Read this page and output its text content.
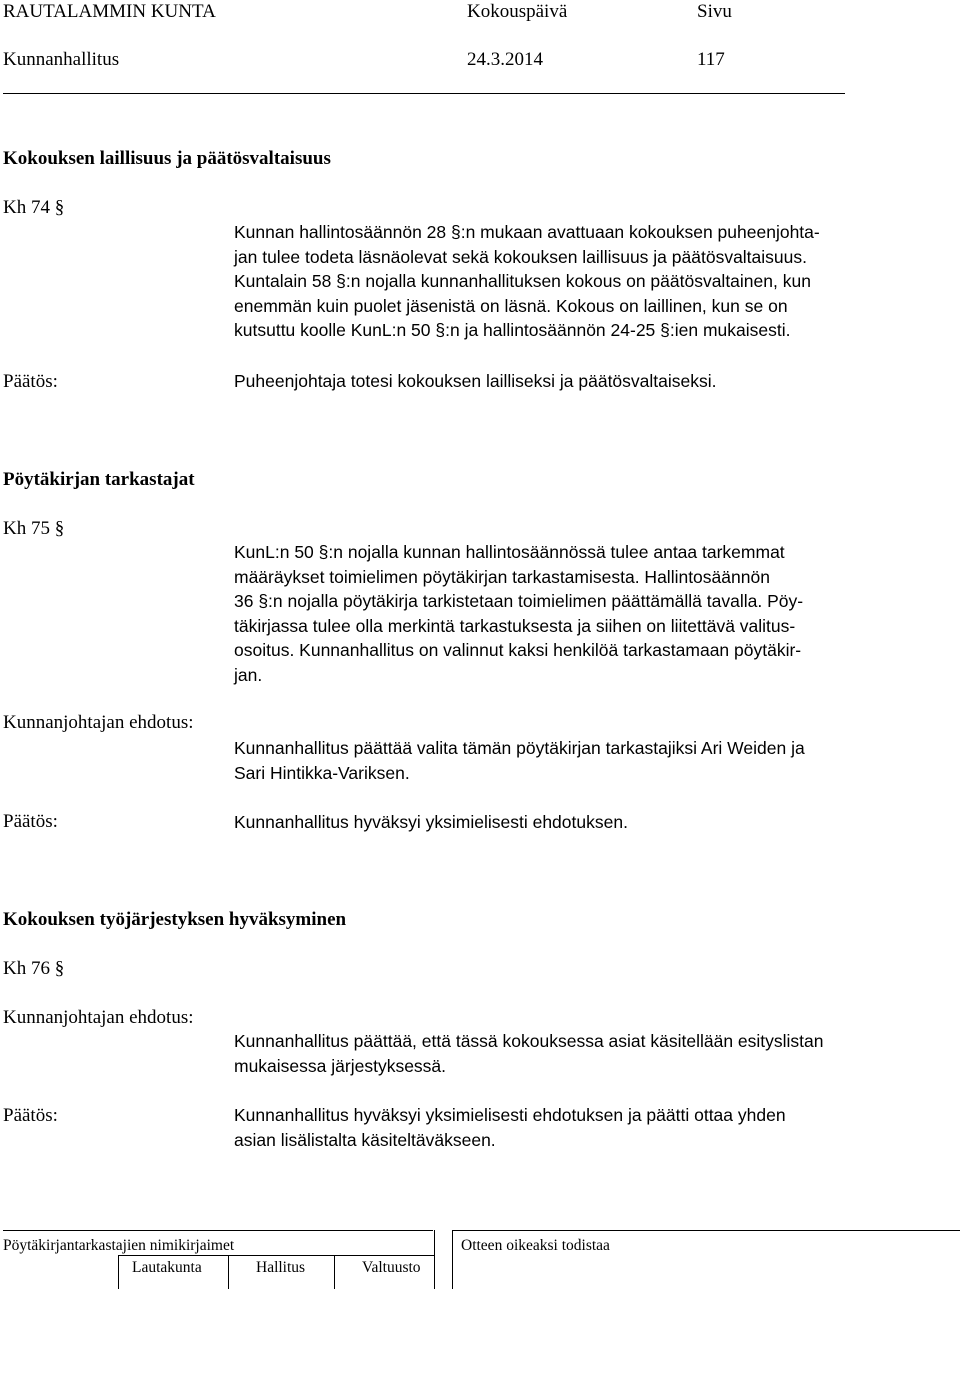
RAUTALAMMIN KUNTA	Kokouspäivä	Sivu
Kunnanhallitus	24.3.2014	117
Kokouksen laillisuus ja päätösvaltaisuus
Kh 74 §
Kunnan hallintosäännön 28 §:n mukaan avattuaan kokouksen puheenjohta-
jan tulee todeta läsnäolevat sekä kokouksen laillisuus ja päätösvaltaisuus.
Kuntalain 58 §:n nojalla kunnanhallituksen kokous on päätösvaltainen, kun
enemmän kuin puolet jäsenistä on läsnä. Kokous on laillinen, kun se on
kutsuttu koolle KunL:n 50 §:n ja hallintosäännön 24-25 §:ien mukaisesti.
Päätös:	Puheenjohtaja totesi kokouksen lailliseksi ja päätösvaltaiseksi.
Pöytäkirjan tarkastajat
Kh 75 §
KunL:n 50 §:n nojalla kunnan hallintosäännössä tulee antaa tarkemmat
määräykset toimielimen pöytäkirjan tarkastamisesta. Hallintosäännön
36 §:n nojalla pöytäkirja tarkistetaan toimielimen päättämällä tavalla. Pöy-
täkirjassa tulee olla merkintä tarkastuksesta ja siihen on liitettävä valitus-
osoitus. Kunnanhallitus on valinnut kaksi henkilöä tarkastamaan pöytäkir-
jan.
Kunnanjohtajan ehdotus:
Kunnanhallitus päättää valita tämän pöytäkirjan tarkastajiksi Ari Weiden ja
Sari Hintikka-Variksen.
Päätös:	Kunnanhallitus hyväksyi yksimielisesti ehdotuksen.
Kokouksen työjärjestyksen hyväksyminen
Kh 76 §
Kunnanjohtajan ehdotus:
Kunnanhallitus päättää, että tässä kokouksessa asiat käsitellään esityslistan
mukaisessa järjestyksessä.
Päätös:	Kunnanhallitus hyväksyi yksimielisesti ehdotuksen ja päätti ottaa yhden
asian lisälistalta käsiteltäväkseen.
Pöytäkirjantarkastajien nimikirjaimet	Otteen oikeaksi todistaa
Lautakunta	Hallitus	Valtuusto
